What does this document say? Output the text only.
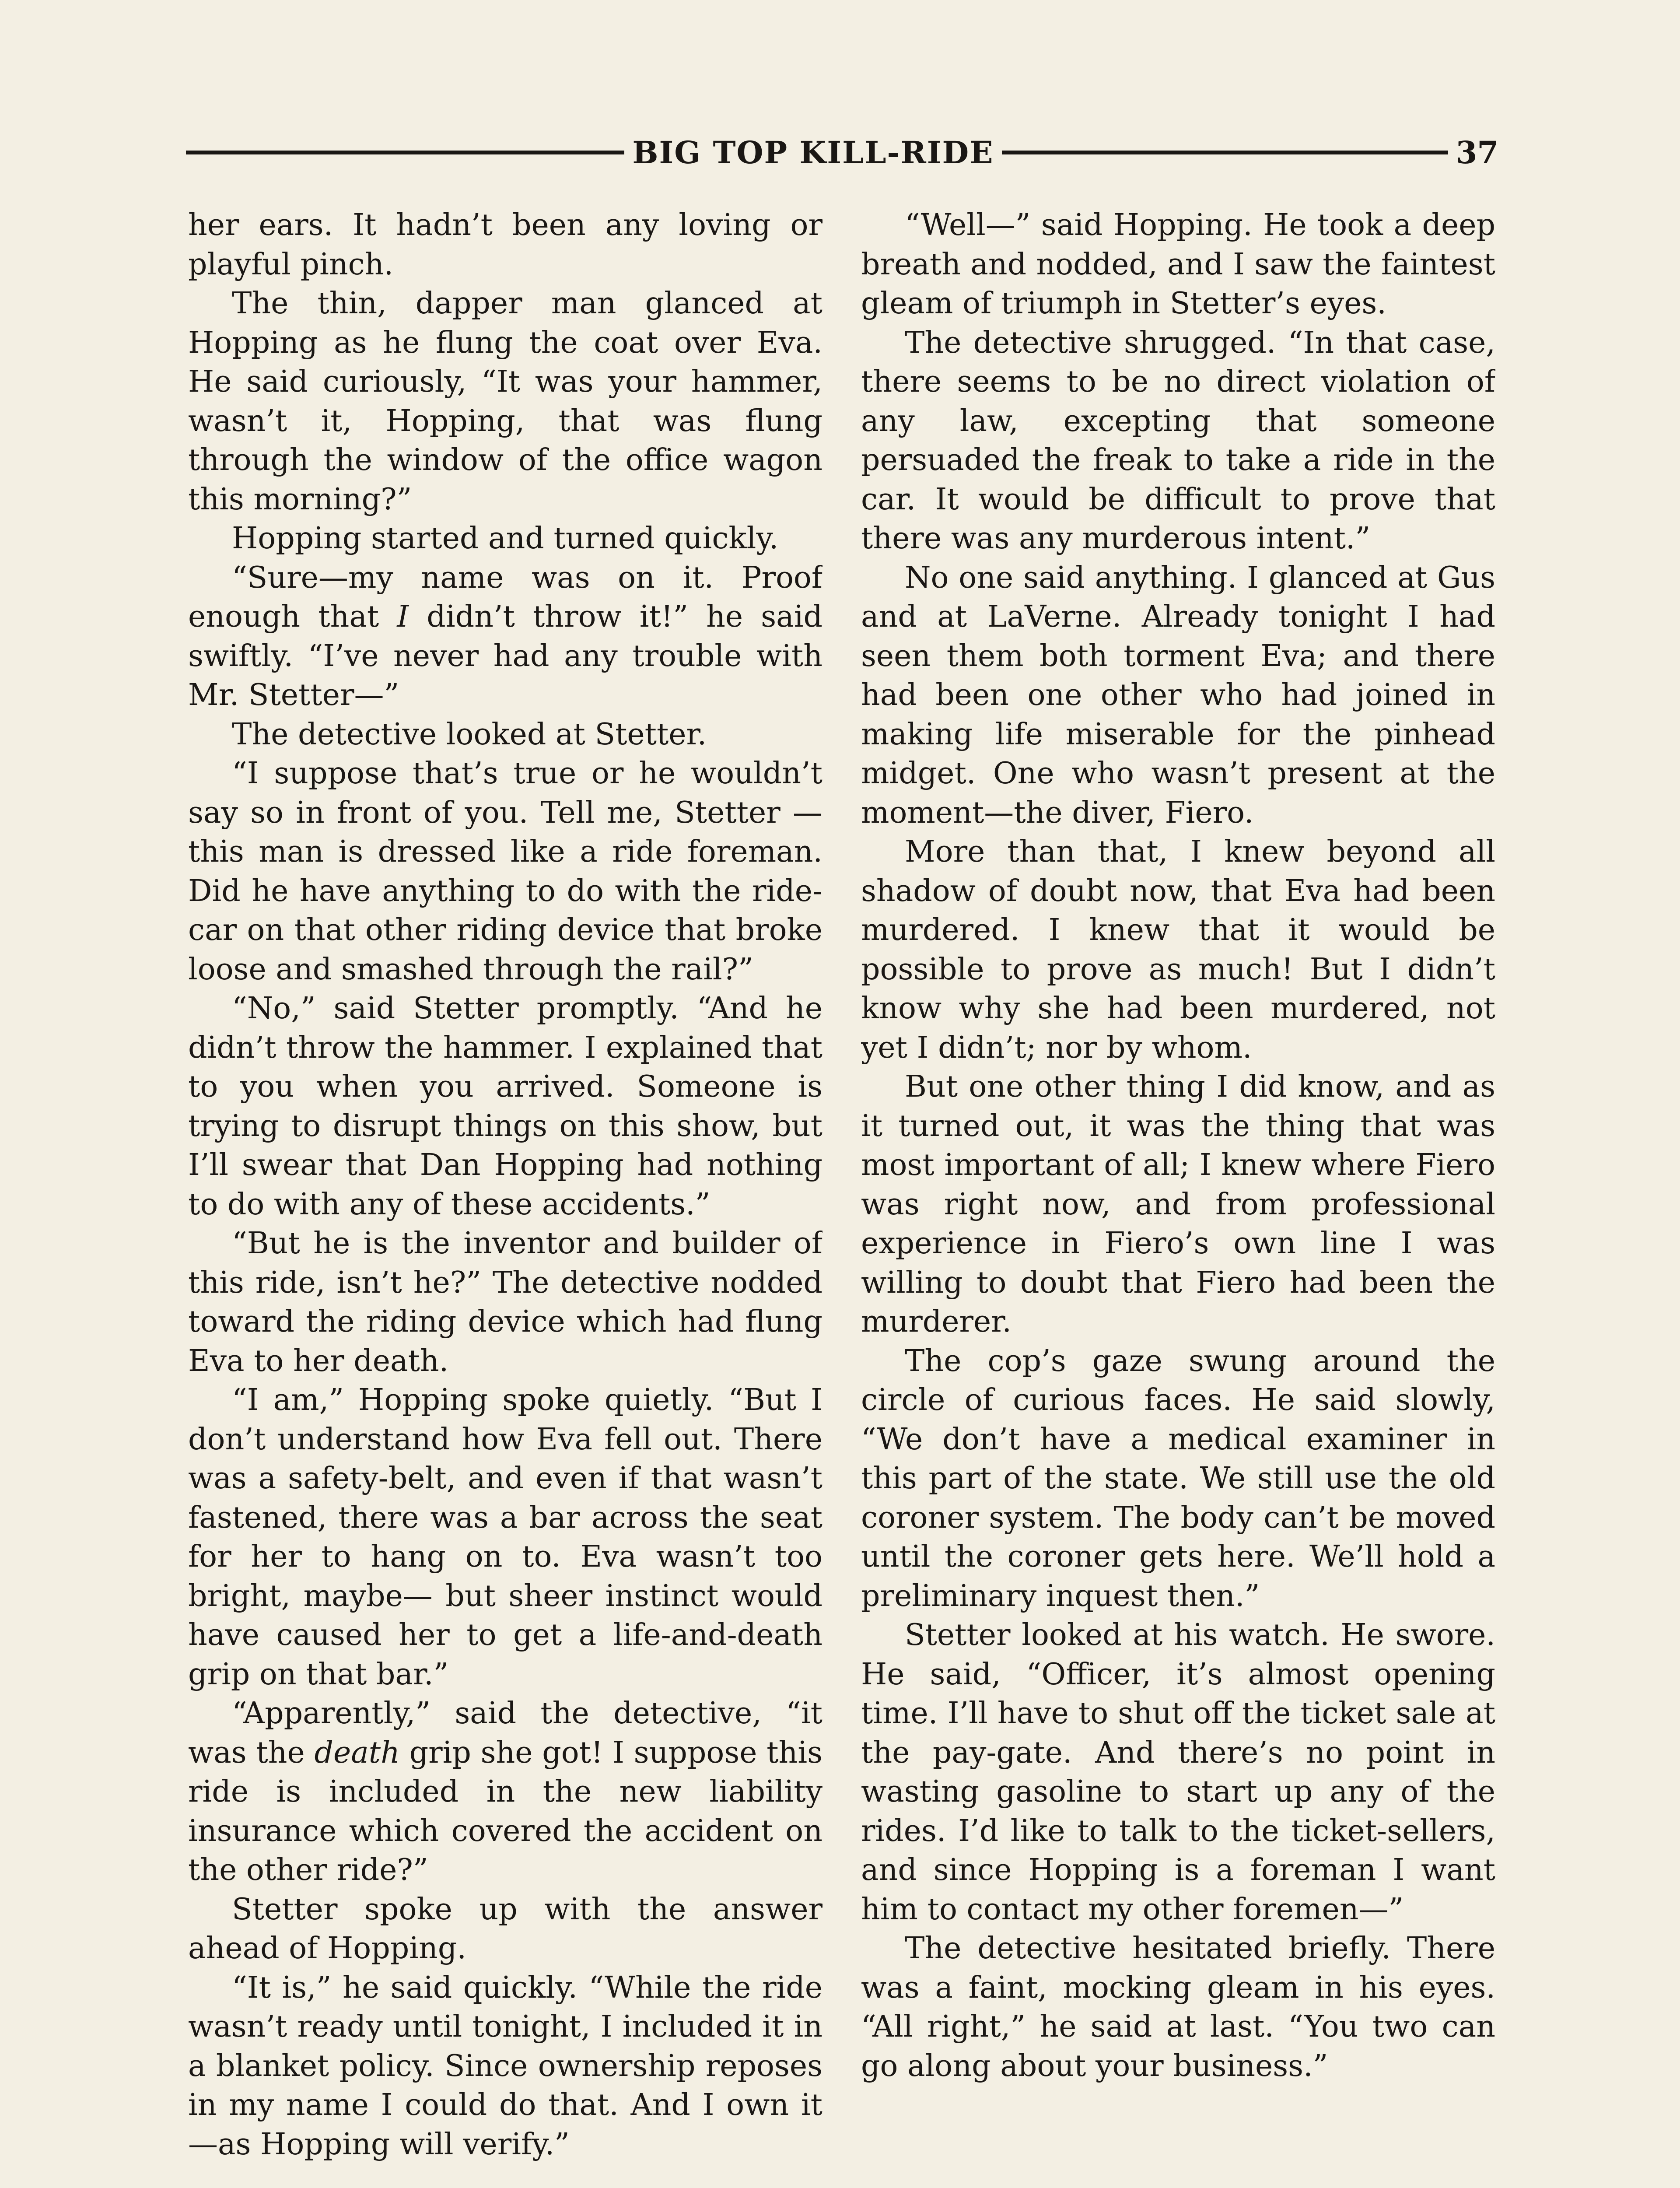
BIG TOP KILL-RIDE	37

her ears. It hadn’t been any loving or playful pinch.

The thin, dapper man glanced at Hopping as he flung the coat over Eva. He said curiously, “It was your hammer, wasn’t it, Hopping, that was flung through the window of the office wagon this morning?”

Hopping started and turned quickly.

“Sure—my name was on it. Proof enough that I didn’t throw it!” he said swiftly. “I’ve never had any trouble with Mr. Stetter—”

The detective looked at Stetter.

“I suppose that’s true or he wouldn’t say so in front of you. Tell me, Stetter —this man is dressed like a ride foreman. Did he have anything to do with the ride-car on that other riding device that broke loose and smashed through the rail?”

“No,” said Stetter promptly. “And he didn’t throw the hammer. I explained that to you when you arrived. Someone is trying to disrupt things on this show, but I’ll swear that Dan Hopping had nothing to do with any of these accidents.”

“But he is the inventor and builder of this ride, isn’t he?” The detective nodded toward the riding device which had flung Eva to her death.

“I am,” Hopping spoke quietly. “But I don’t understand how Eva fell out. There was a safety-belt, and even if that wasn’t fastened, there was a bar across the seat for her to hang on to. Eva wasn’t too bright, maybe— but sheer instinct would have caused her to get a life-and-death grip on that bar.”

“Apparently,” said the detective, “it was the death grip she got! I suppose this ride is included in the new liability insurance which covered the accident on the other ride?”

Stetter spoke up with the answer ahead of Hopping.

“It is,” he said quickly. “While the ride wasn’t ready until tonight, I included it in a blanket policy. Since ownership reposes in my name I could do that. And I own it—as Hopping will verify.”

“Well—” said Hopping. He took a deep breath and nodded, and I saw the faintest gleam of triumph in Stetter’s eyes.

The detective shrugged. “In that case, there seems to be no direct violation of any law, excepting that someone persuaded the freak to take a ride in the car. It would be difficult to prove that there was any murderous intent.”

No one said anything. I glanced at Gus and at LaVerne. Already tonight I had seen them both torment Eva; and there had been one other who had joined in making life miserable for the pinhead midget. One who wasn’t present at the moment—the diver, Fiero.

More than that, I knew beyond all shadow of doubt now, that Eva had been murdered. I knew that it would be possible to prove as much! But I didn’t know why she had been murdered, not yet I didn’t; nor by whom.

But one other thing I did know, and as it turned out, it was the thing that was most important of all; I knew where Fiero was right now, and from professional experience in Fiero’s own line I was willing to doubt that Fiero had been the murderer.

The cop’s gaze swung around the circle of curious faces. He said slowly, “We don’t have a medical examiner in this part of the state. We still use the old coroner system. The body can’t be moved until the coroner gets here. We’ll hold a preliminary inquest then.”

Stetter looked at his watch. He swore. He said, “Officer, it’s almost opening time. I’ll have to shut off the ticket sale at the pay-gate. And there’s no point in wasting gasoline to start up any of the rides. I’d like to talk to the ticket-sellers, and since Hopping is a foreman I want him to contact my other foremen—”

The detective hesitated briefly. There was a faint, mocking gleam in his eyes. “All right,” he said at last. “You two can go along about your business.”
